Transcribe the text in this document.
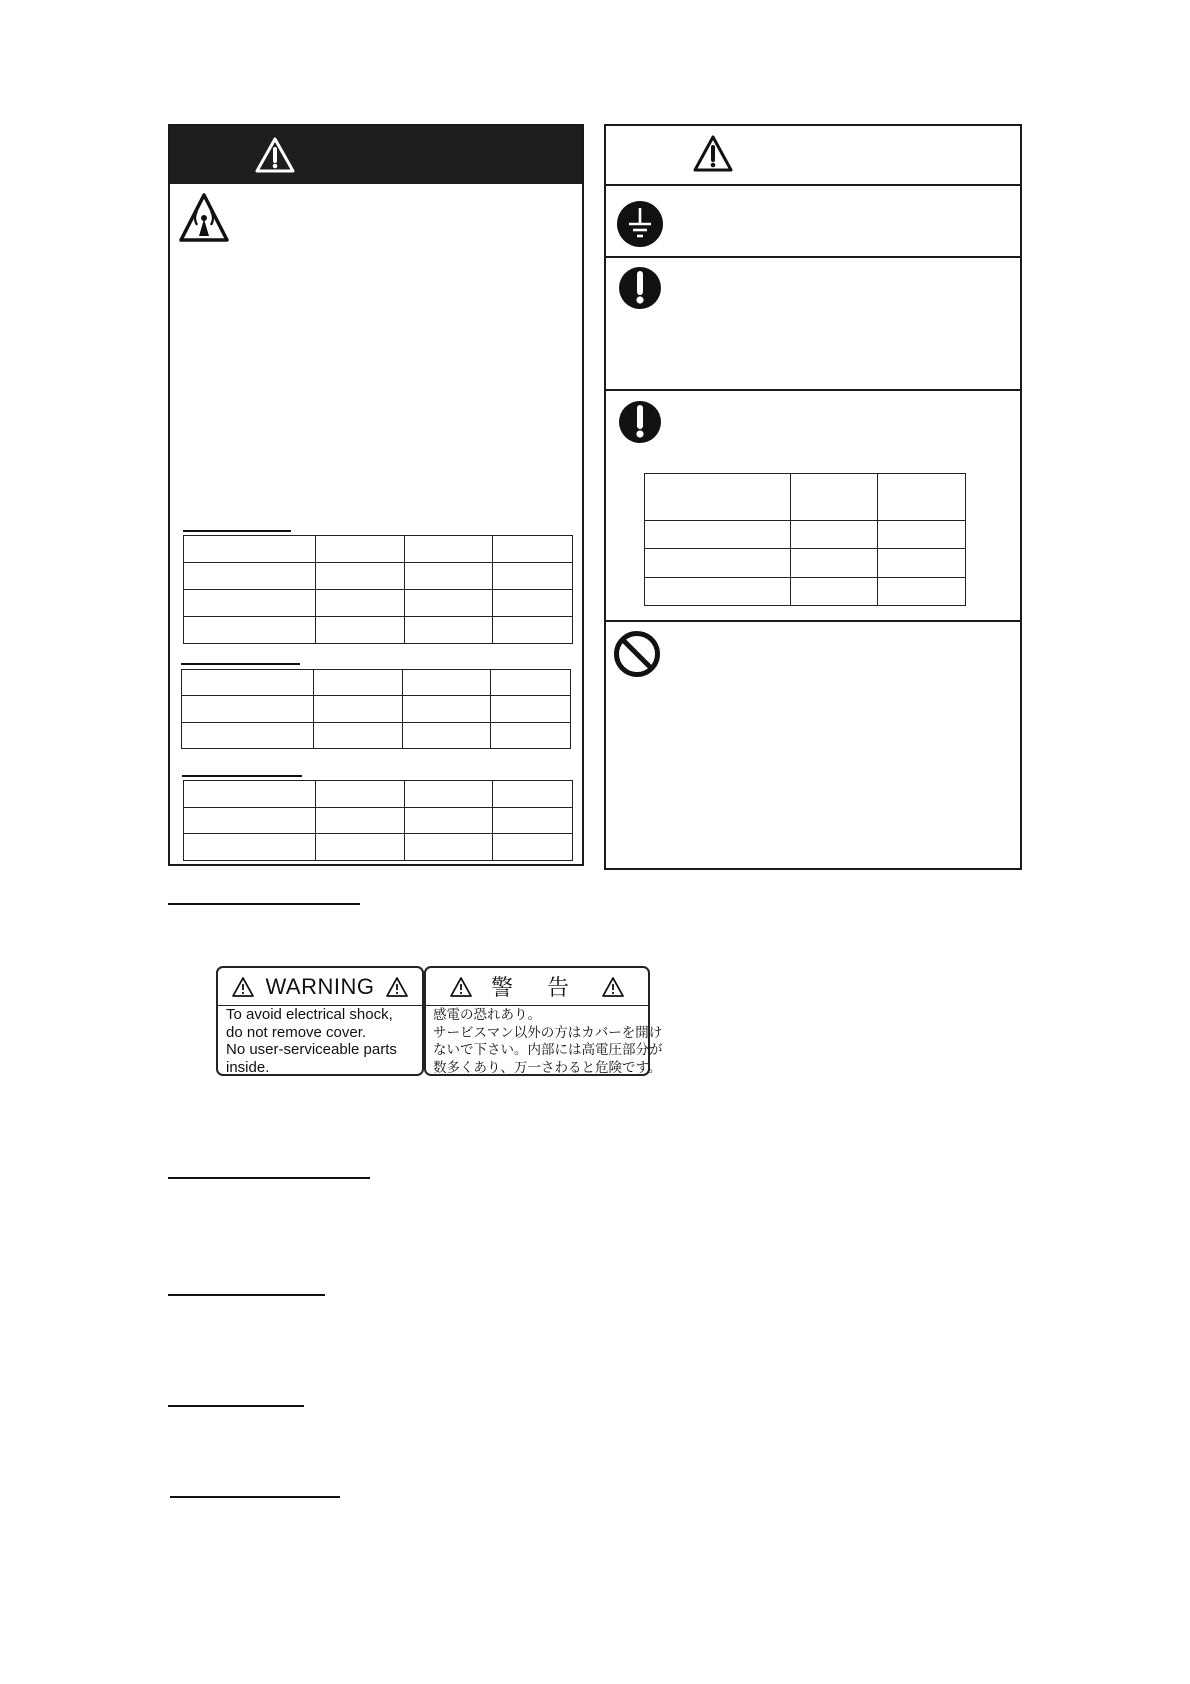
WARNING
To avoid electrical shock,
do not remove cover.
No user-serviceable parts
inside.
警 告
感電の恐れあり。
サービスマン以外の方はカバーを開け
ないで下さい。内部には高電圧部分が
数多くあり、万一さわると危険です。
